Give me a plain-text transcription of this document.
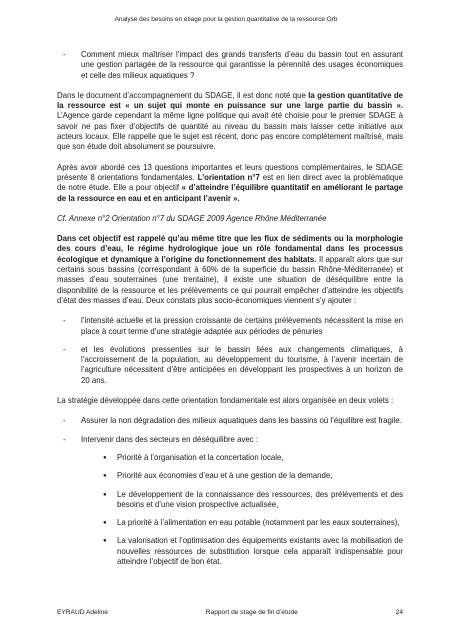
Analyse des besoins en étiage pour la gestion quantitative de la ressource Orb
-	Comment mieux maîtriser l’impact des grands transferts d’eau du bassin tout en assurant une gestion partagée de la ressource qui garantisse la pérennité des usages économiques et celle des milieux aquatiques ?

Dans le document d’accompagnement du SDAGE, il est donc noté que la gestion quantitative de la ressource est « un sujet qui monte en puissance sur une large partie du bassin ». L’Agence garde cependant la même ligne politique qui avait été choisie pour le premier SDAGE à savoir ne pas fixer d’objectifs de quantité au niveau du bassin mais laisser cette initiative aux acteurs locaux. Elle rappelle que le sujet est récent, donc pas encore complètement maîtrisé, mais que son étude doit absolument se poursuivre.

Après avoir abordé ces 13 questions importantes et leurs questions complémentaires, le SDAGE présente 8 orientations fondamentales. L’orientation n°7 est en lien direct avec la problématique de notre étude. Elle a pour objectif « d’atteindre l’équilibre quantitatif en améliorant le partage de la ressource en eau et en anticipant l’avenir ».

Cf. Annexe n°2 Orientation n°7 du SDAGE 2009 Agence Rhône Méditerranée

Dans cet objectif est rappelé qu’au même titre que les flux de sédiments ou la morphologie des cours d’eau, le régime hydrologique joue un rôle fondamental dans les processus écologique et dynamique à l’origine du fonctionnement des habitats. Il apparaît alors que sur certains sous bassins (correspondant à 60% de la superficie du bassin Rhône-Méditerranée) et masses d’eau souterraines (une trentaine), il existe une situation de déséquilibre entre la disponibilité de la ressource et les prélèvements ce qui pourrait empêcher d’atteindre les objectifs d’état des masses d’eau. Deux constats plus socio-économiques viennent s’y ajouter :

-	l’intensité actuelle et la pression croissante de certains prélèvements nécessitent la mise en place à court terme d’une stratégie adaptée aux périodes de pénuries
-	et les évolutions pressenties sur le bassin liées aux changements climatiques, à l’accroissement de la population, au développement du tourisme, à l’avenir incertain de l’agriculture nécessitent d’être anticipées en développant les prospectives à un horizon de 20 ans.

La stratégie développée dans cette orientation fondamentale est alors organisée en deux volets :

-	Assurer la non dégradation des milieux aquatiques dans les bassins où l’équilibre est fragile.
-	Intervenir dans des secteurs en déséquilibre avec :
●	Priorité à l’organisation et la concertation locale,
●	Priorité aux économies d’eau et à une gestion de la demande,
●	Le développement de la connaissance des ressources, des prélèvements et des besoins et d’une vision prospective actualisée,
●	La priorité à l’alimentation en eau potable (notamment par les eaux souterraines),
●	La valorisation et l’optimisation des équipements existants avec la mobilisation de nouvelles ressources de substitution lorsque cela apparaît indispensable pour atteindre l’objectif de bon état.
EYRAUD Adeline	Rapport de stage de fin d’étude	24
